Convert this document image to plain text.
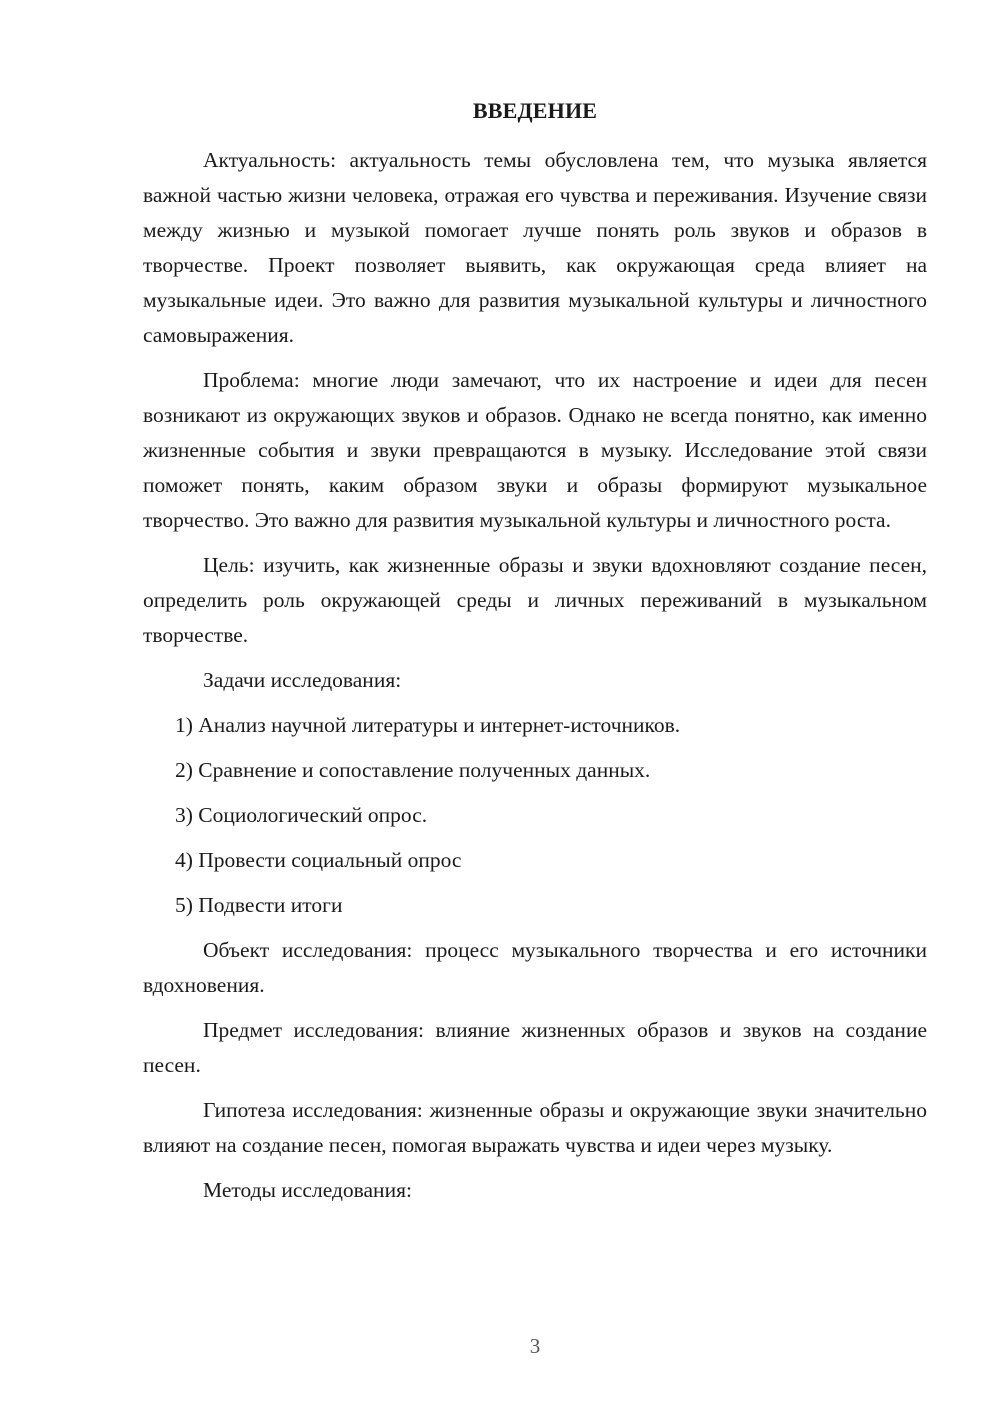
ВВЕДЕНИЕ

Актуальность: актуальность темы обусловлена тем, что музыка является важной частью жизни человека, отражая его чувства и переживания. Изучение связи между жизнью и музыкой помогает лучше понять роль звуков и образов в творчестве. Проект позволяет выявить, как окружающая среда влияет на музыкальные идеи. Это важно для развития музыкальной культуры и личностного самовыражения.

Проблема: многие люди замечают, что их настроение и идеи для песен возникают из окружающих звуков и образов. Однако не всегда понятно, как именно жизненные события и звуки превращаются в музыку. Исследование этой связи поможет понять, каким образом звуки и образы формируют музыкальное творчество. Это важно для развития музыкальной культуры и личностного роста.

Цель: изучить, как жизненные образы и звуки вдохновляют создание песен, определить роль окружающей среды и личных переживаний в музыкальном творчестве.

Задачи исследования:

1) Анализ научной литературы и интернет-источников.

2) Сравнение и сопоставление полученных данных.

3) Социологический опрос.

4) Провести социальный опрос

5) Подвести итоги

Объект исследования: процесс музыкального творчества и его источники вдохновения.

Предмет исследования: влияние жизненных образов и звуков на создание песен.

Гипотеза исследования: жизненные образы и окружающие звуки значительно влияют на создание песен, помогая выражать чувства и идеи через музыку.

Методы исследования:

3
